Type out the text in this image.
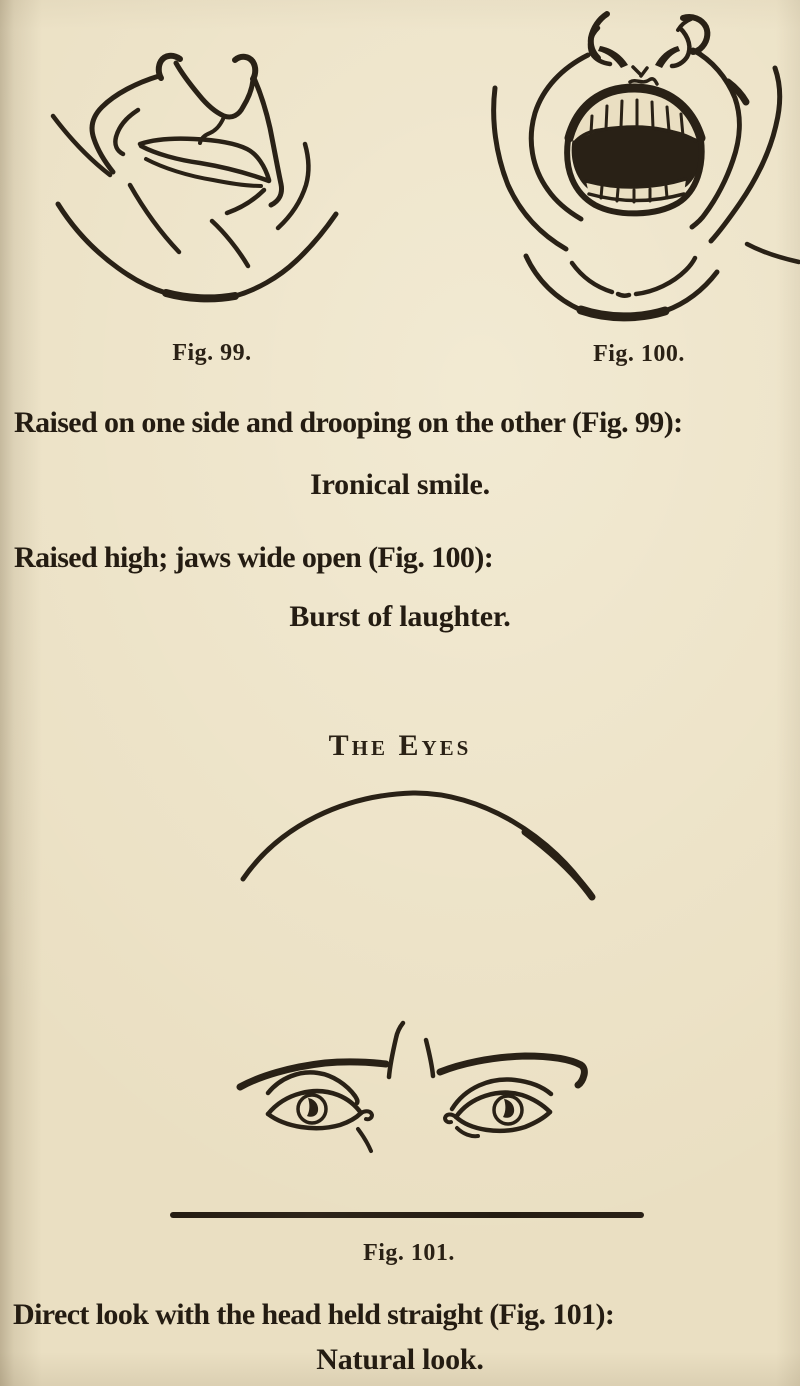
Fig. 99.	Fig. 100.
Raised on one side and drooping on the other (Fig. 99):
Ironical smile.
Raised high; jaws wide open (Fig. 100):
Burst of laughter.
The Eyes
Fig. 101.
Direct look with the head held straight (Fig. 101):
Natural look.
